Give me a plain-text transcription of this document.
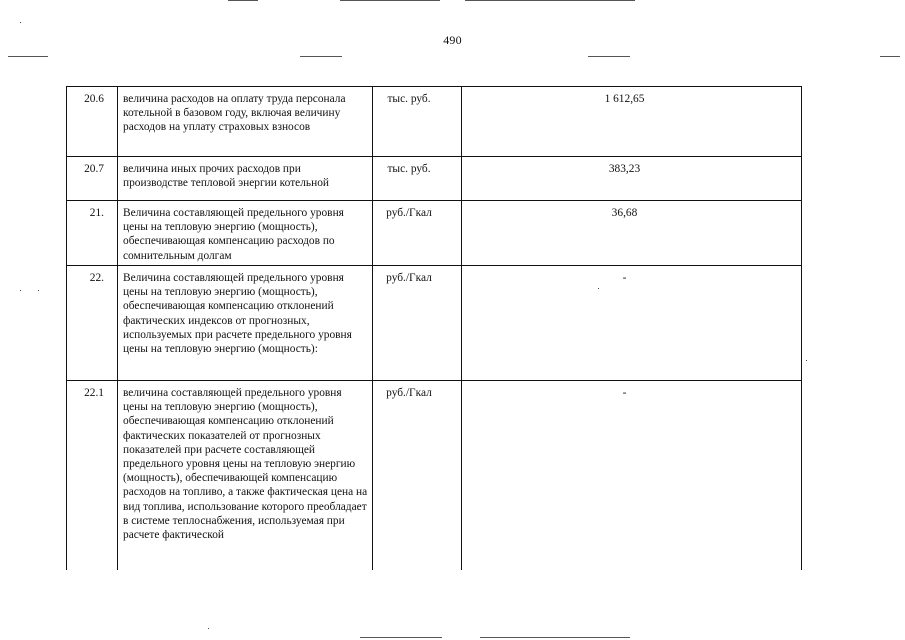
490
20.6	величина расходов на оплату труда персонала котельной в базовом году, включая величину расходов на уплату страховых взносов	тыс. руб.	1 612,65
20.7	величина иных прочих расходов при производстве тепловой энергии котельной	тыс. руб.	383,23
21.	Величина составляющей предельного уровня цены на тепловую энергию (мощность), обеспечивающая компенсацию расходов по сомнительным долгам	руб./Гкал	36,68
22.	Величина составляющей предельного уровня цены на тепловую энергию (мощность), обеспечивающая компенсацию отклонений фактических индексов от прогнозных, используемых при расчете предельного уровня цены на тепловую энергию (мощность):	руб./Гкал	-
22.1	величина составляющей предельного уровня цены на тепловую энергию (мощность), обеспечивающая компенсацию отклонений фактических показателей от прогнозных показателей при расчете составляющей предельного уровня цены на тепловую энергию (мощность), обеспечивающей компенсацию расходов на топливо, а также фактическая цена на вид топлива, использование которого преобладает в системе теплоснабжения, используемая при расчете фактической	руб./Гкал	-
